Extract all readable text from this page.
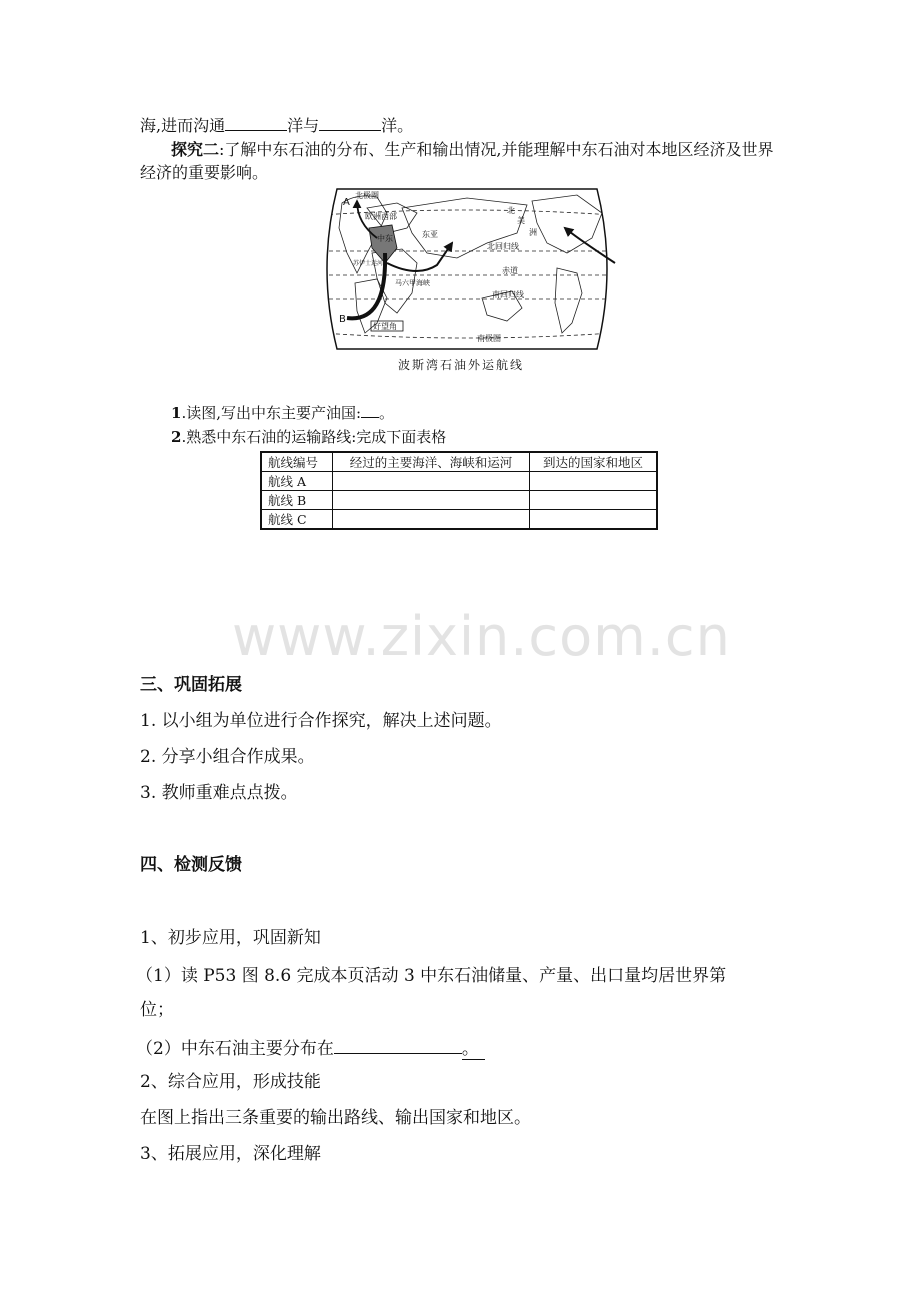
海,进而沟通	洋与	洋。
探究二:了解中东石油的分布、生产和输出情况,并能理解中东石油对本地区经济及世界
经济的重要影响。
北极圈
欧洲西部
中东	东亚
北
美
洲
北回归线
赤道
南回归线
南极圈
苏伊士运河
马六甲海峡
好望角
A
B
波斯湾石油外运航线
1.读图,写出中东主要产油国: 。
2.熟悉中东石油的运输路线:完成下面表格
航线编号	经过的主要海洋、海峡和运河	到达的国家和地区
航线 A		
航线 B		
航线 C		
www.zixin.com.cn
三、巩固拓展
1. 以小组为单位进行合作探究，解决上述问题。
2. 分享小组合作成果。
3. 教师重难点点拨。
四、检测反馈
1、初步应用，巩固新知
（1）读 P53 图 8.6 完成本页活动 3 中东石油储量、产量、出口量均居世界第
位；
（2）中东石油主要分布在	。
2、综合应用，形成技能
在图上指出三条重要的输出路线、输出国家和地区。
3、拓展应用，深化理解
